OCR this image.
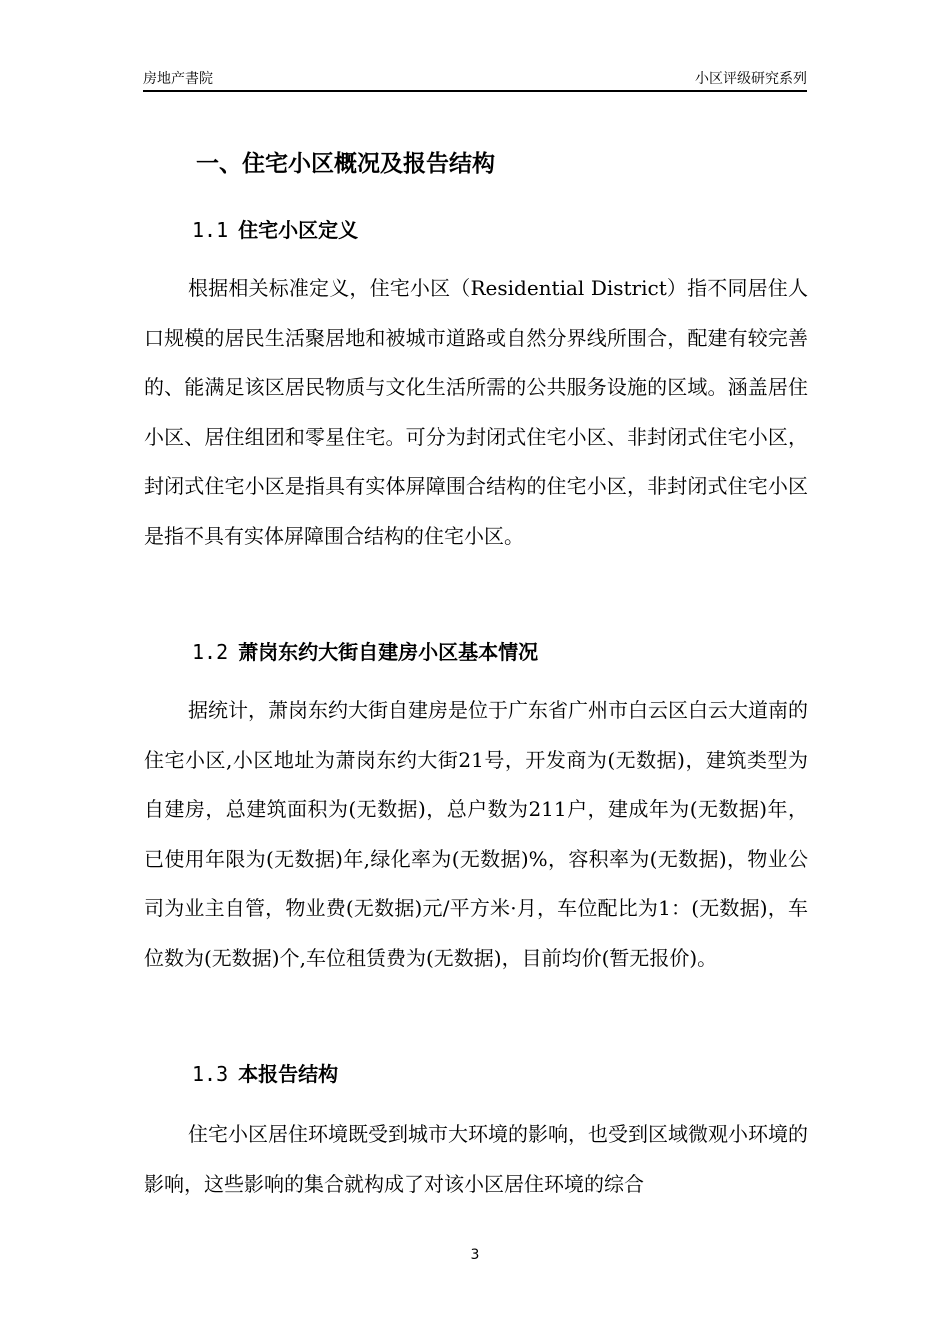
房地产書院	小区评级研究系列
一、住宅小区概况及报告结构
1.1 住宅小区定义
根据相关标准定义，住宅小区（Residential District）指不同居住人口规模的居民生活聚居地和被城市道路或自然分界线所围合，配建有较完善的、能满足该区居民物质与文化生活所需的公共服务设施的区域。涵盖居住小区、居住组团和零星住宅。可分为封闭式住宅小区、非封闭式住宅小区，封闭式住宅小区是指具有实体屏障围合结构的住宅小区，非封闭式住宅小区是指不具有实体屏障围合结构的住宅小区。
1.2 萧岗东约大街自建房小区基本情况
据统计，萧岗东约大街自建房是位于广东省广州市白云区白云大道南的住宅小区,小区地址为萧岗东约大街21号，开发商为(无数据)，建筑类型为自建房，总建筑面积为(无数据)，总户数为211户，建成年为(无数据)年，已使用年限为(无数据)年,绿化率为(无数据)%，容积率为(无数据)，物业公司为业主自管，物业费(无数据)元/平方米·月，车位配比为1：(无数据)，车位数为(无数据)个,车位租赁费为(无数据)，目前均价(暂无报价)。
1.3 本报告结构
住宅小区居住环境既受到城市大环境的影响，也受到区域微观小环境的影响，这些影响的集合就构成了对该小区居住环境的综合
3
